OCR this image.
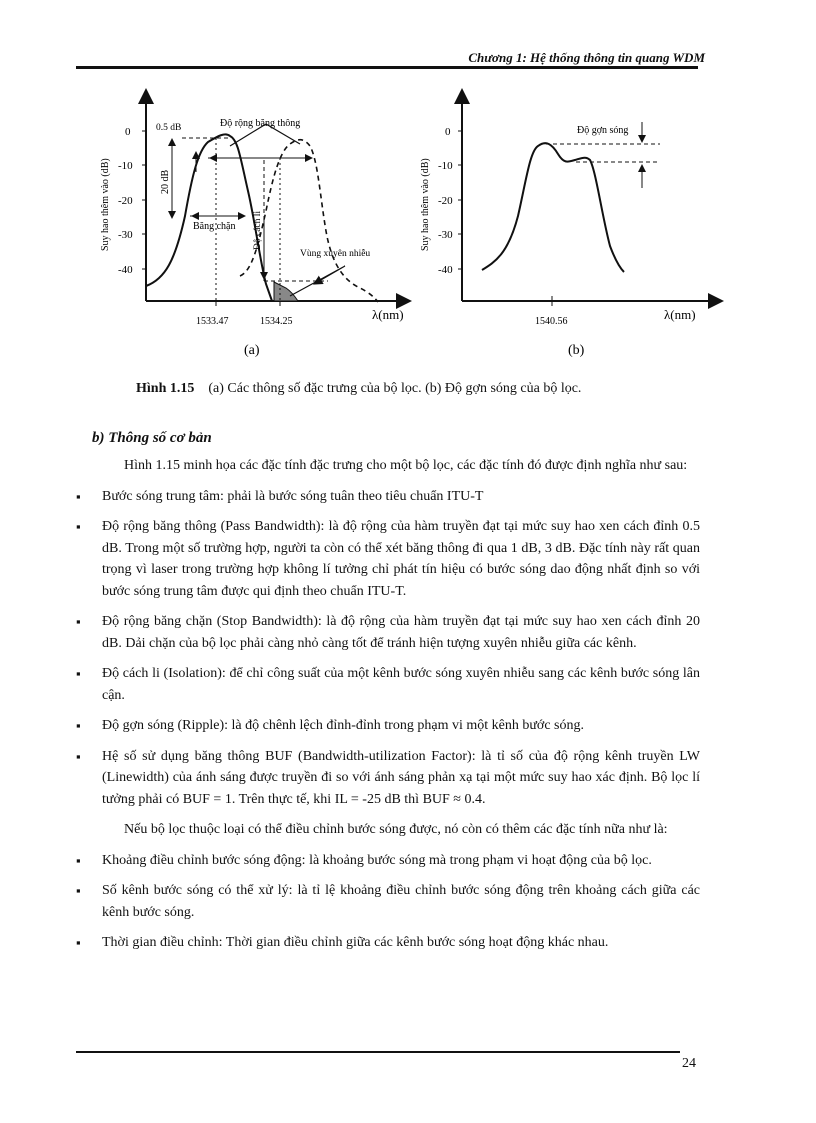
Chương 1: Hệ thống thông tin quang WDM
Suy hao thêm vào (dB)
0
-10
-20
-30
-40
1533.47	1534.25	λ(nm)
(a)
Độ rộng băng thông
0.5 dB
20 dB
Băng chặn Độ cách li
Vùng xuyên nhiễu
Suy hao thêm vào (dB)
0
-10
-20
-30
-40
1540.56	λ(nm)
(b)
Độ gợn sóng
Hình 1.15 (a) Các thông số đặc trưng của bộ lọc. (b) Độ gợn sóng của bộ lọc.
b) Thông số cơ bản

Hình 1.15 minh họa các đặc tính đặc trưng cho một bộ lọc, các đặc tính đó được định nghĩa như sau:

▪ Bước sóng trung tâm: phải là bước sóng tuân theo tiêu chuẩn ITU-T

▪ Độ rộng băng thông (Pass Bandwidth): là độ rộng của hàm truyền đạt tại mức suy hao xen cách đỉnh 0.5 dB. Trong một số trường hợp, người ta còn có thể xét băng thông đi qua 1 dB, 3 dB. Đặc tính này rất quan trọng vì laser trong trường hợp không lí tưởng chỉ phát tín hiệu có bước sóng dao động nhất định so với bước sóng trung tâm được qui định theo chuẩn ITU-T.

▪ Độ rộng băng chặn (Stop Bandwidth): là độ rộng của hàm truyền đạt tại mức suy hao xen cách đỉnh 20 dB. Dải chặn của bộ lọc phải càng nhỏ càng tốt để tránh hiện tượng xuyên nhiễu giữa các kênh.

▪ Độ cách li (Isolation): để chỉ công suất của một kênh bước sóng xuyên nhiễu sang các kênh bước sóng lân cận.

▪ Độ gợn sóng (Ripple): là độ chênh lệch đỉnh-đỉnh trong phạm vi một kênh bước sóng.

▪ Hệ số sử dụng băng thông BUF (Bandwidth-utilization Factor): là tỉ số của độ rộng kênh truyền LW (Linewidth) của ánh sáng được truyền đi so với ánh sáng phản xạ tại một mức suy hao xác định. Bộ lọc lí tưởng phải có BUF = 1. Trên thực tế, khi IL = -25 dB thì BUF ≈ 0.4.

Nếu bộ lọc thuộc loại có thể điều chỉnh bước sóng được, nó còn có thêm các đặc tính nữa như là:

▪ Khoảng điều chỉnh bước sóng động: là khoảng bước sóng mà trong phạm vi hoạt động của bộ lọc.

▪ Số kênh bước sóng có thể xử lý: là tỉ lệ khoảng điều chỉnh bước sóng động trên khoảng cách giữa các kênh bước sóng.

▪ Thời gian điều chỉnh: Thời gian điều chỉnh giữa các kênh bước sóng hoạt động khác nhau.

24
